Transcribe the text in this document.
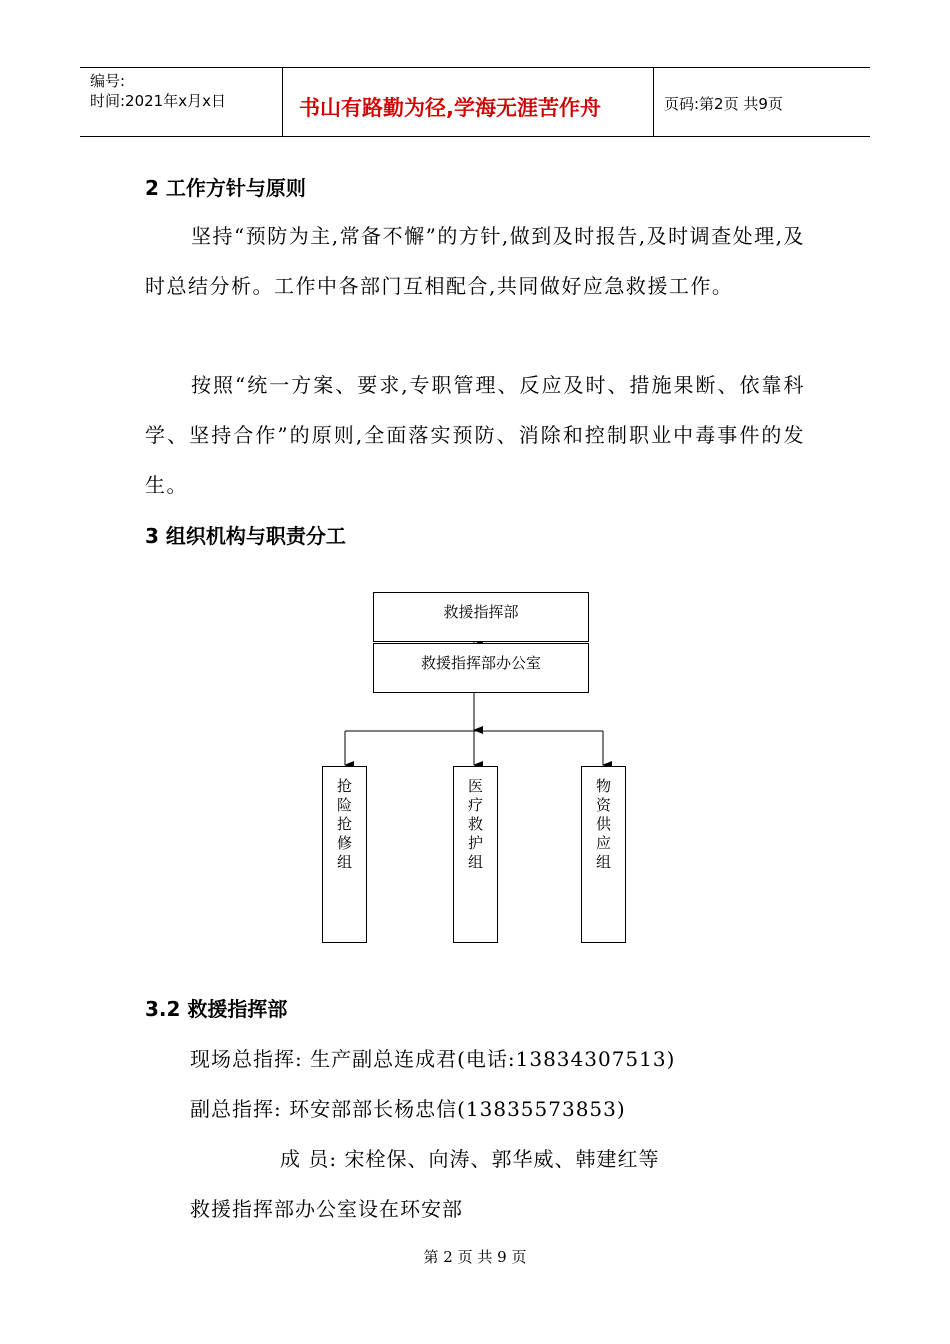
编号:
时间:2021年x月x日	书山有路勤为径,学海无涯苦作舟	页码:第2页 共9页
2 工作方针与原则
坚持“预防为主,常备不懈”的方针,做到及时报告,及时调查处理,及时总结分析。工作中各部门互相配合,共同做好应急救援工作。
按照“统一方案、要求,专职管理、反应及时、措施果断、依靠科学、坚持合作”的原则,全面落实预防、消除和控制职业中毒事件的发生。
3 组织机构与职责分工
救援指挥部
救援指挥部办公室
抢
险
抢
修
组
医
疗
救
护
组
物
资
供
应
组
3.2 救援指挥部
现场总指挥: 生产副总连成君(电话:13834307513)
副总指挥: 环安部部长杨忠信(13835573853)
成 员: 宋栓保、向涛、郭华威、韩建红等
救援指挥部办公室设在环安部
第 2 页 共 9 页
